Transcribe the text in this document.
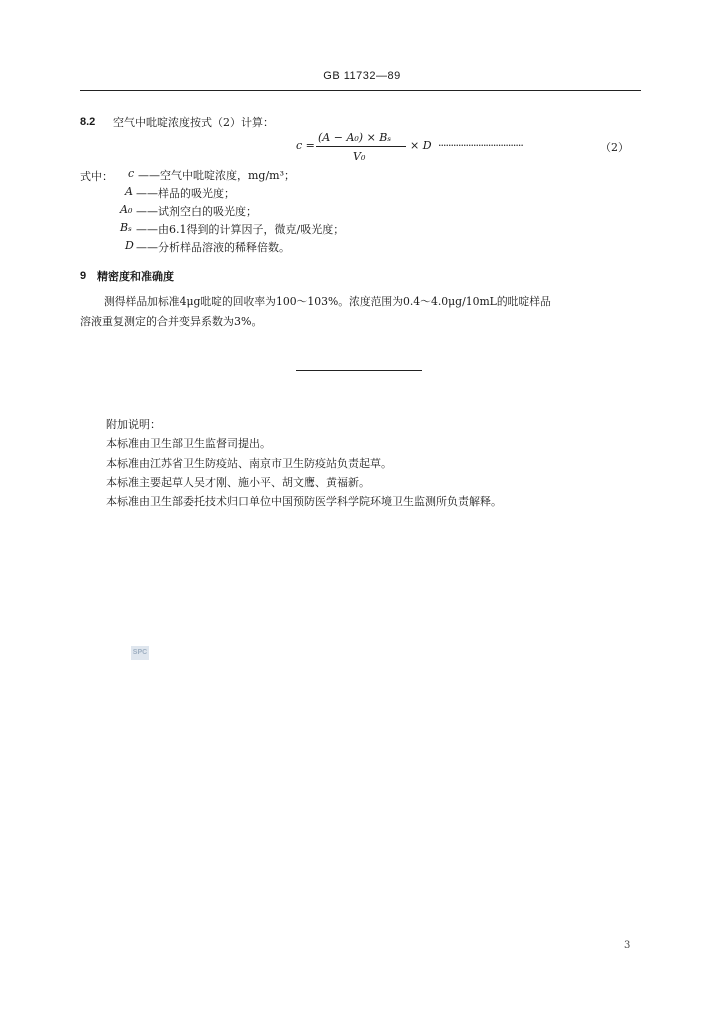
GB 11732—89
8.2 空气中吡啶浓度按式（2）计算：
c =
(A − A₀) × Bₛ
V₀
× D ··································	（2）
式中： c ——空气中吡啶浓度，mg/m³；
A ——样品的吸光度；
A₀ ——试剂空白的吸光度；
Bₛ ——由6.1得到的计算因子，微克/吸光度；
D ——分析样品溶液的稀释倍数。
9 精密度和准确度
测得样品加标准4μg吡啶的回收率为100～103%。浓度范围为0.4～4.0μg/10mL的吡啶样品
溶液重复测定的合并变异系数为3%。
附加说明：
本标准由卫生部卫生监督司提出。
本标准由江苏省卫生防疫站、南京市卫生防疫站负责起草。
本标准主要起草人吴才刚、施小平、胡文鹰、黄福新。
本标准由卫生部委托技术归口单位中国预防医学科学院环境卫生监测所负责解释。
SPC
3
